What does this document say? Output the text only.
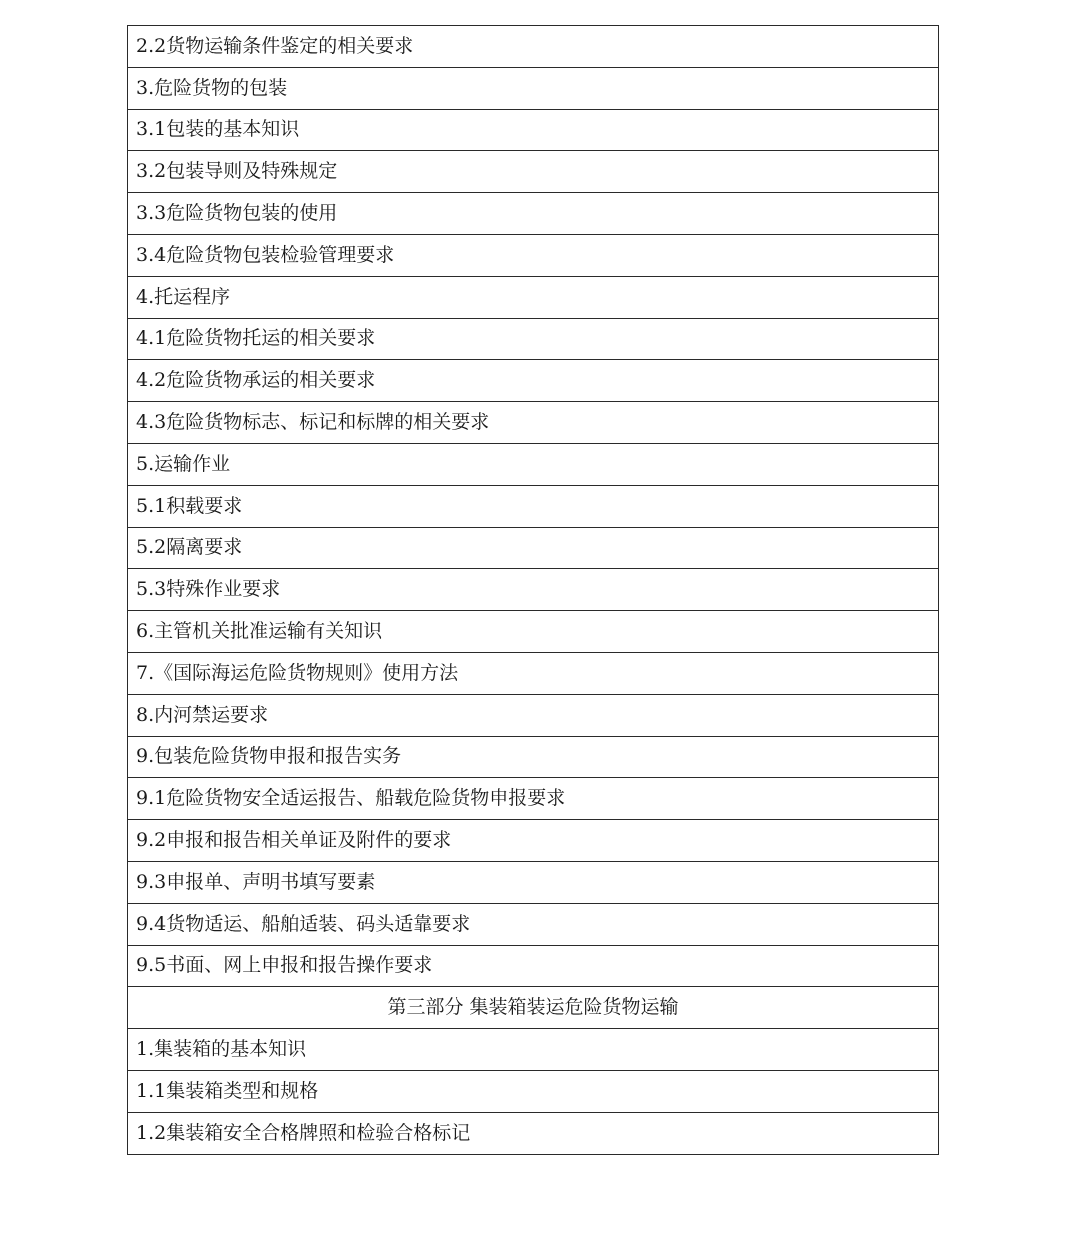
2.2货物运输条件鉴定的相关要求
3.危险货物的包装
3.1包装的基本知识
3.2包装导则及特殊规定
3.3危险货物包装的使用
3.4危险货物包装检验管理要求
4.托运程序
4.1危险货物托运的相关要求
4.2危险货物承运的相关要求
4.3危险货物标志、标记和标牌的相关要求
5.运输作业
5.1积载要求
5.2隔离要求
5.3特殊作业要求
6.主管机关批准运输有关知识
7.《国际海运危险货物规则》使用方法
8.内河禁运要求
9.包装危险货物申报和报告实务
9.1危险货物安全适运报告、船载危险货物申报要求
9.2申报和报告相关单证及附件的要求
9.3申报单、声明书填写要素
9.4货物适运、船舶适装、码头适靠要求
9.5书面、网上申报和报告操作要求
第三部分 集装箱装运危险货物运输
1.集装箱的基本知识
1.1集装箱类型和规格
1.2集装箱安全合格牌照和检验合格标记
